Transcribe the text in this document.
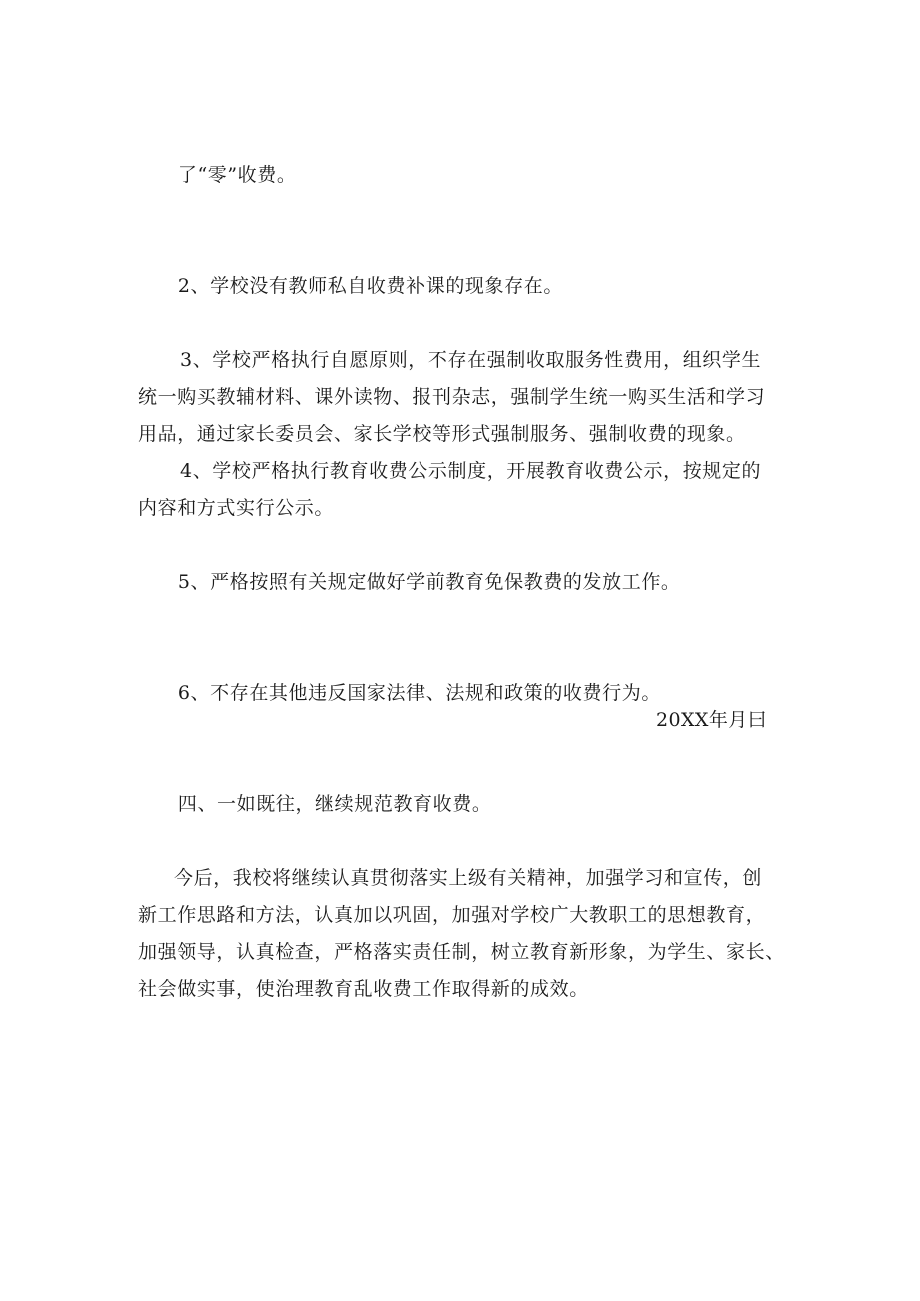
了“零”收费。

2、学校没有教师私自收费补课的现象存在。

3、学校严格执行自愿原则，不存在强制收取服务性费用，组织学生
统一购买教辅材料、课外读物、报刊杂志，强制学生统一购买生活和学习
用品，通过家长委员会、家长学校等形式强制服务、强制收费的现象。

4、学校严格执行教育收费公示制度，开展教育收费公示，按规定的
内容和方式实行公示。

5、严格按照有关规定做好学前教育免保教费的发放工作。

6、不存在其他违反国家法律、法规和政策的收费行为。

四、一如既往，继续规范教育收费。

今后，我校将继续认真贯彻落实上级有关精神，加强学习和宣传，创
新工作思路和方法，认真加以巩固，加强对学校广大教职工的思想教育，
加强领导，认真检查，严格落实责任制，树立教育新形象，为学生、家长、
社会做实事，使治理教育乱收费工作取得新的成效。

20XX年月曰
